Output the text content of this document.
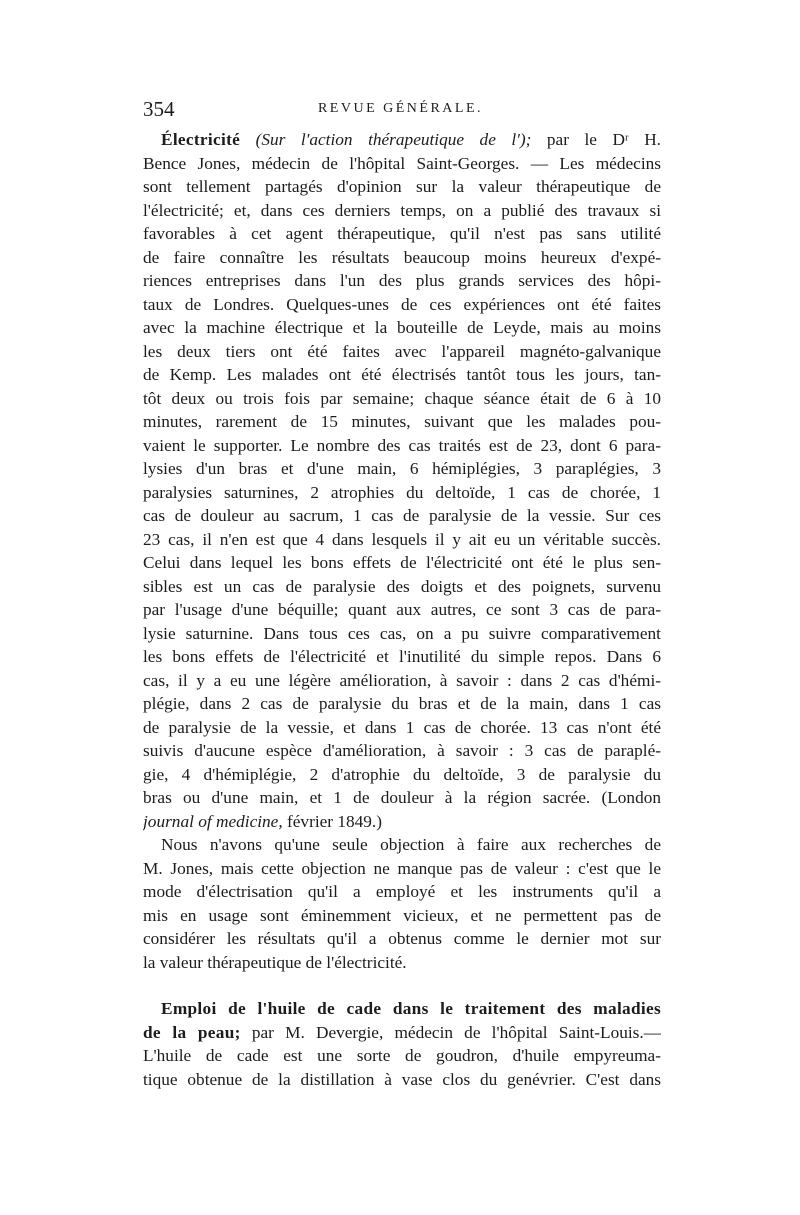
354	REVUE GÉNÉRALE.
Électricité (Sur l'action thérapeutique de l'); par le Dʳ H.
Bence Jones, médecin de l'hôpital Saint-Georges. — Les médecins
sont tellement partagés d'opinion sur la valeur thérapeutique de
l'électricité; et, dans ces derniers temps, on a publié des travaux si
favorables à cet agent thérapeutique, qu'il n'est pas sans utilité
de faire connaître les résultats beaucoup moins heureux d'expé-
riences entreprises dans l'un des plus grands services des hôpi-
taux de Londres. Quelques-unes de ces expériences ont été faites
avec la machine électrique et la bouteille de Leyde, mais au moins
les deux tiers ont été faites avec l'appareil magnéto-galvanique
de Kemp. Les malades ont été électrisés tantôt tous les jours, tan-
tôt deux ou trois fois par semaine; chaque séance était de 6 à 10
minutes, rarement de 15 minutes, suivant que les malades pou-
vaient le supporter. Le nombre des cas traités est de 23, dont 6 para-
lysies d'un bras et d'une main, 6 hémiplégies, 3 paraplégies, 3
paralysies saturnines, 2 atrophies du deltoïde, 1 cas de chorée, 1
cas de douleur au sacrum, 1 cas de paralysie de la vessie. Sur ces
23 cas, il n'en est que 4 dans lesquels il y ait eu un véritable succès.
Celui dans lequel les bons effets de l'électricité ont été le plus sen-
sibles est un cas de paralysie des doigts et des poignets, survenu
par l'usage d'une béquille; quant aux autres, ce sont 3 cas de para-
lysie saturnine. Dans tous ces cas, on a pu suivre comparativement
les bons effets de l'électricité et l'inutilité du simple repos. Dans 6
cas, il y a eu une légère amélioration, à savoir : dans 2 cas d'hémi-
plégie, dans 2 cas de paralysie du bras et de la main, dans 1 cas
de paralysie de la vessie, et dans 1 cas de chorée. 13 cas n'ont été
suivis d'aucune espèce d'amélioration, à savoir : 3 cas de paraplé-
gie, 4 d'hémiplégie, 2 d'atrophie du deltoïde, 3 de paralysie du
bras ou d'une main, et 1 de douleur à la région sacrée. (London
journal of medicine, février 1849.)
Nous n'avons qu'une seule objection à faire aux recherches de
M. Jones, mais cette objection ne manque pas de valeur : c'est que le
mode d'électrisation qu'il a employé et les instruments qu'il a
mis en usage sont éminemment vicieux, et ne permettent pas de
considérer les résultats qu'il a obtenus comme le dernier mot sur
la valeur thérapeutique de l'électricité.
Emploi de l'huile de cade dans le traitement des maladies
de la peau; par M. Devergie, médecin de l'hôpital Saint-Louis.—
L'huile de cade est une sorte de goudron, d'huile empyreuma-
tique obtenue de la distillation à vase clos du genévrier. C'est dans
